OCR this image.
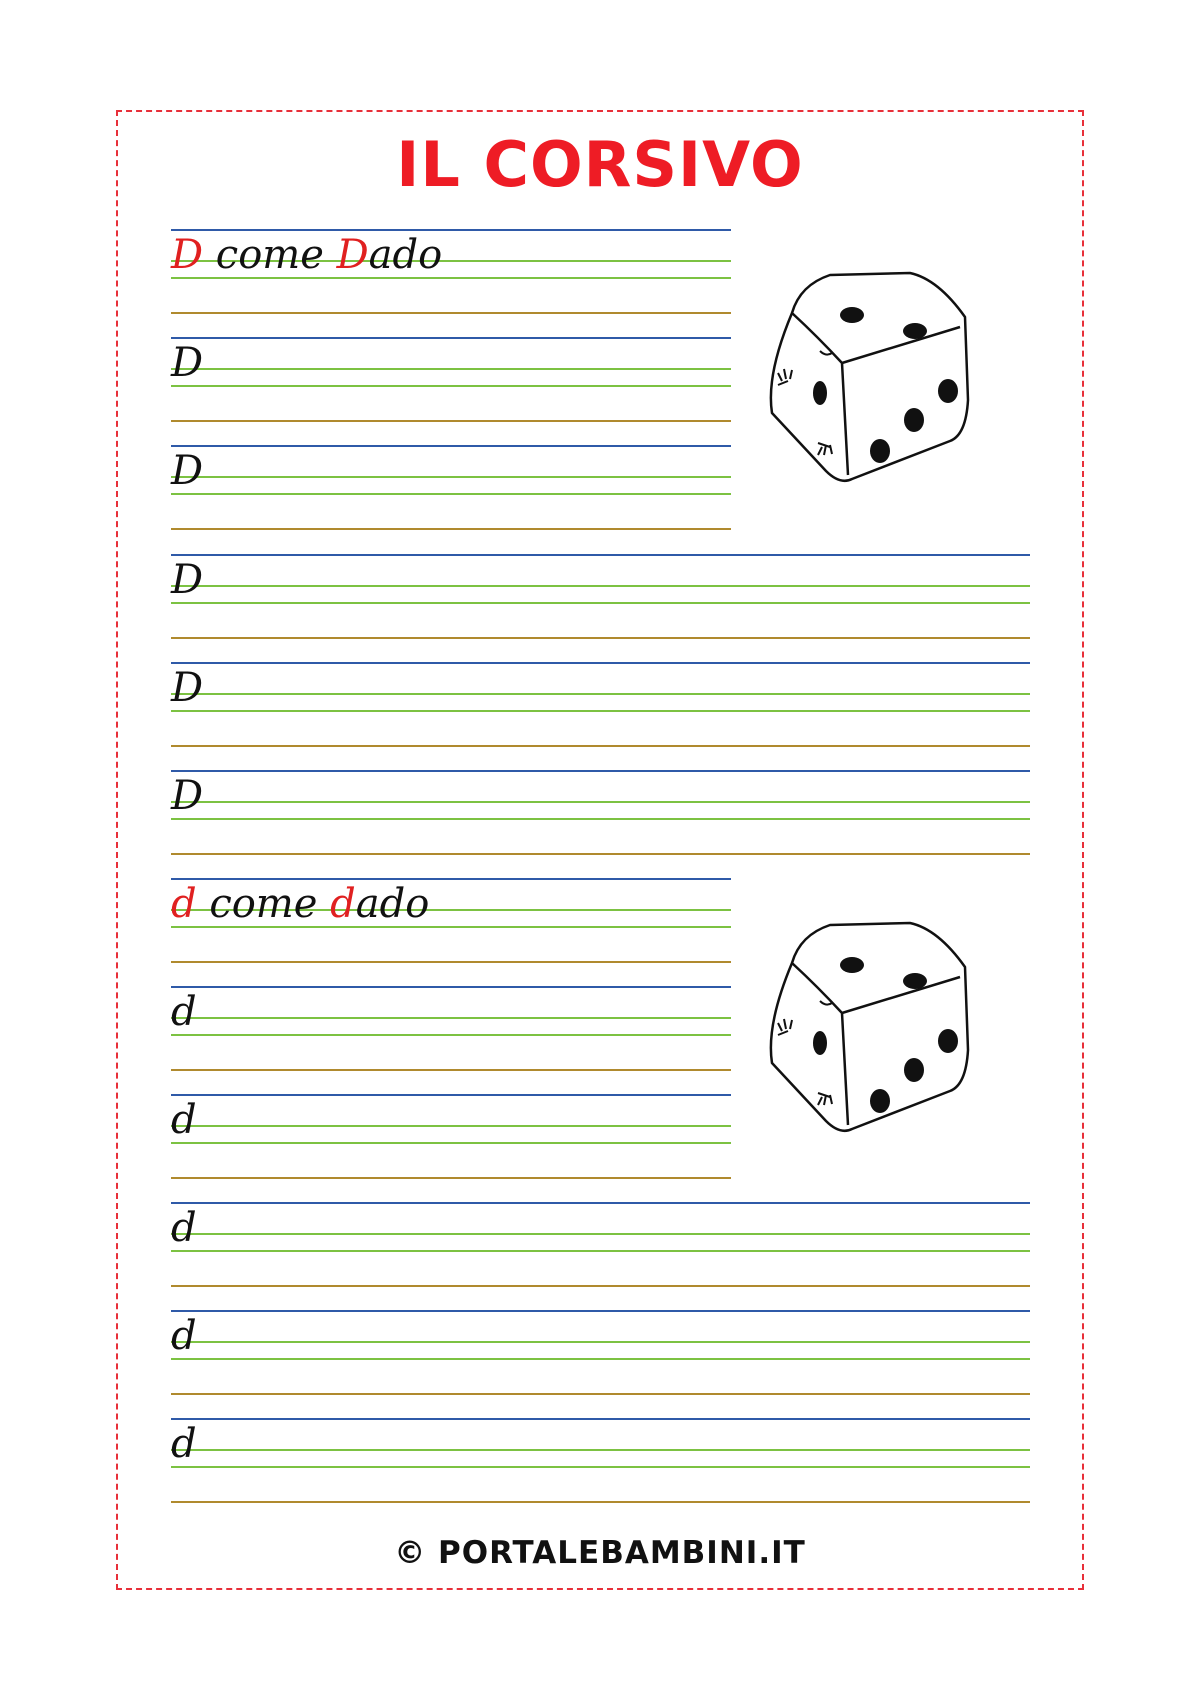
IL CORSIVO
D come Dado
D
D
D
D
D
d come dado
d
d
d
d
d
© PORTALEBAMBINI.IT
